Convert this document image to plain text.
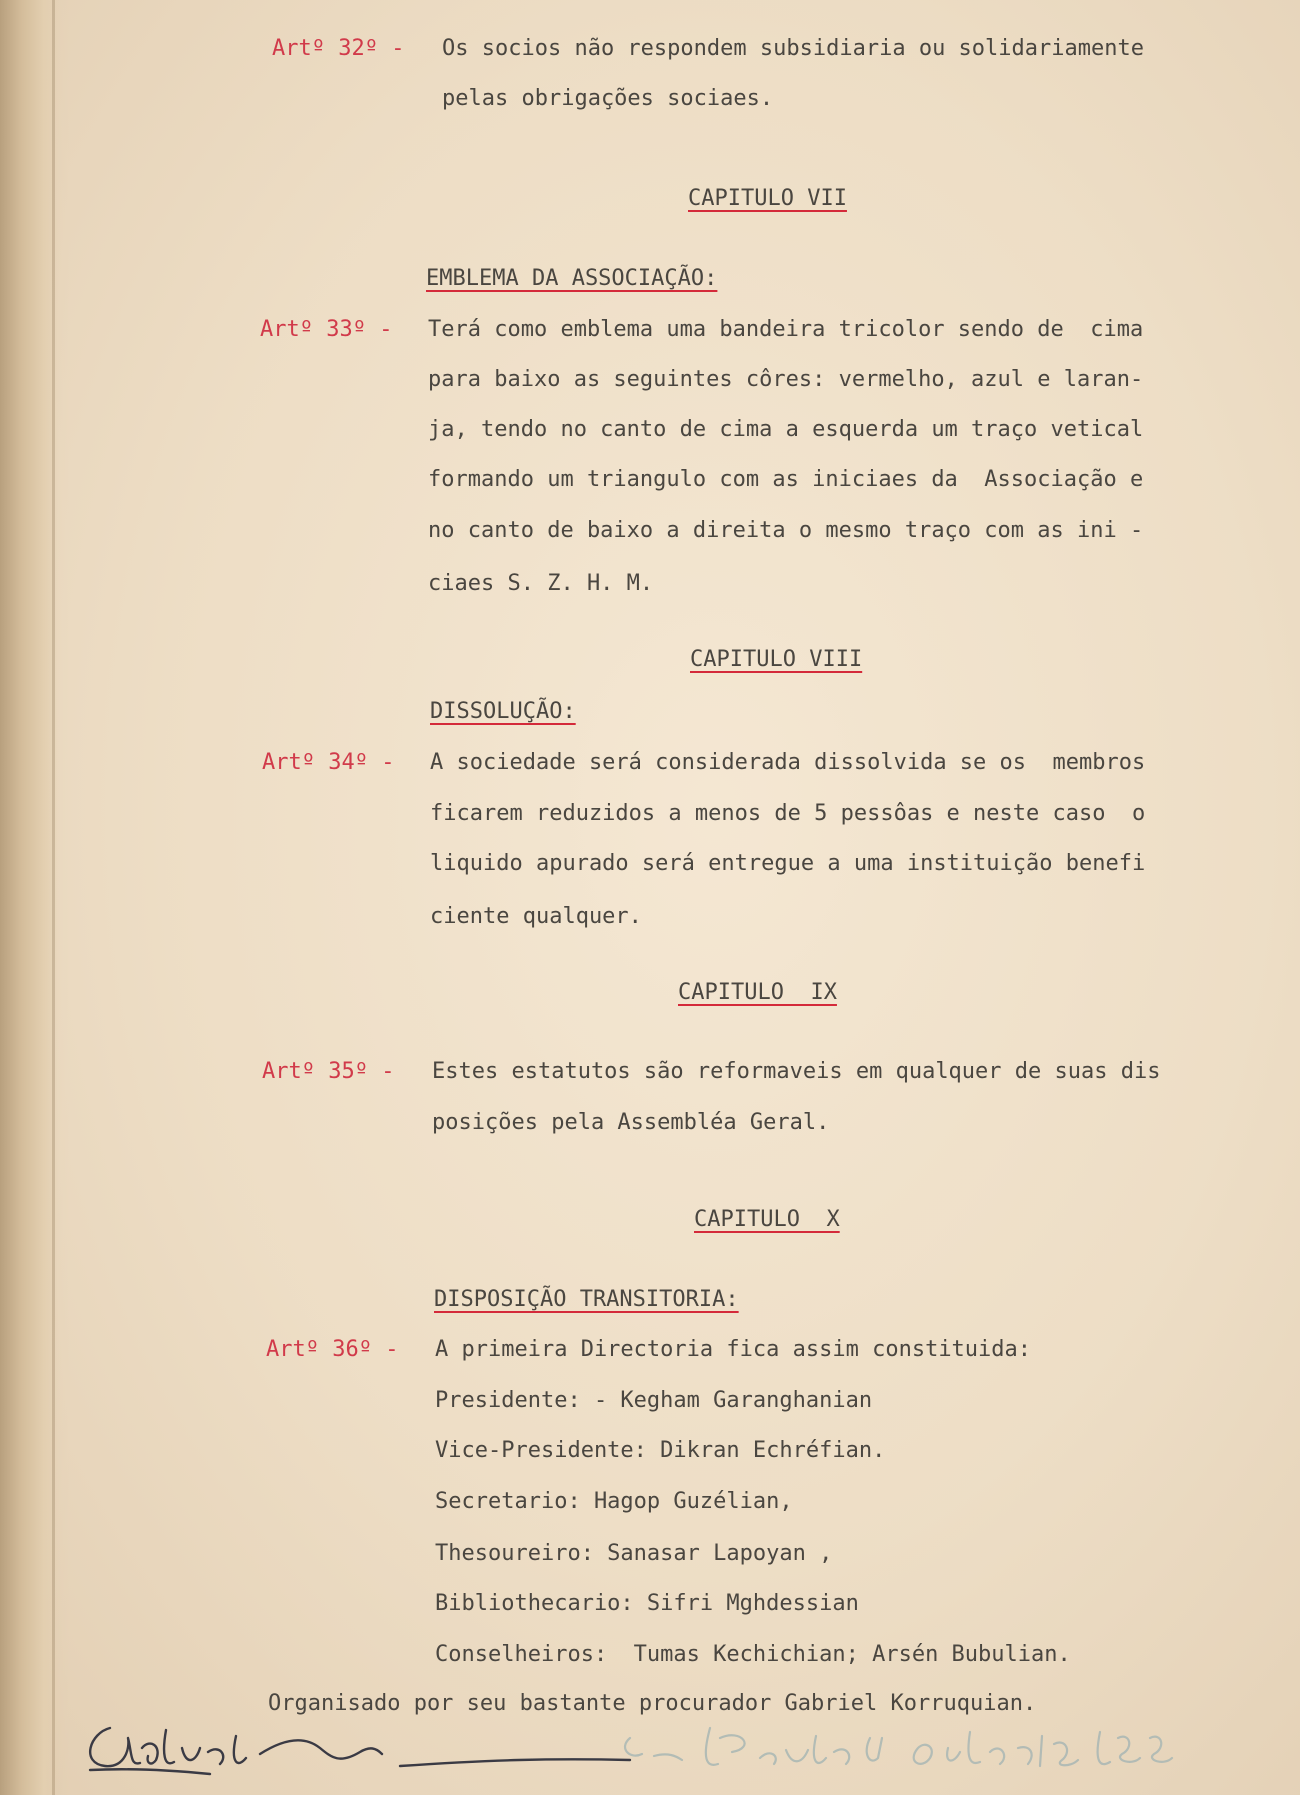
Artº 32º - Os socios não respondem subsidiaria ou solidariamente
pelas obrigações sociaes.
CAPITULO VII
EMBLEMA DA ASSOCIAÇÃO:
Artº 33º - Terá como emblema uma bandeira tricolor sendo de  cima
para baixo as seguintes côres: vermelho, azul e laran-
ja, tendo no canto de cima a esquerda um traço vetical
formando um triangulo com as iniciaes da  Associação e
no canto de baixo a direita o mesmo traço com as ini -
ciaes S. Z. H. M.
CAPITULO VIII
DISSOLUÇÃO:
Artº 34º - A sociedade será considerada dissolvida se os  membros
ficarem reduzidos a menos de 5 pessôas e neste caso  o
liquido apurado será entregue a uma instituição benefi
ciente qualquer.
CAPITULO  IX
Artº 35º - Estes estatutos são reformaveis em qualquer de suas dis
posições pela Assembléa Geral.
CAPITULO  X
DISPOSIÇÃO TRANSITORIA:
Artº 36º - A primeira Directoria fica assim constituida:
Presidente: - Kegham Garanghanian
Vice-Presidente: Dikran Echréfian.
Secretario: Hagop Guzélian,
Thesoureiro: Sanasar Lapoyan ,
Bibliothecario: Sifri Mghdessian
Conselheiros:  Tumas Kechichian; Arsén Bubulian.
Organisado por seu bastante procurador Gabriel Korruquian.
